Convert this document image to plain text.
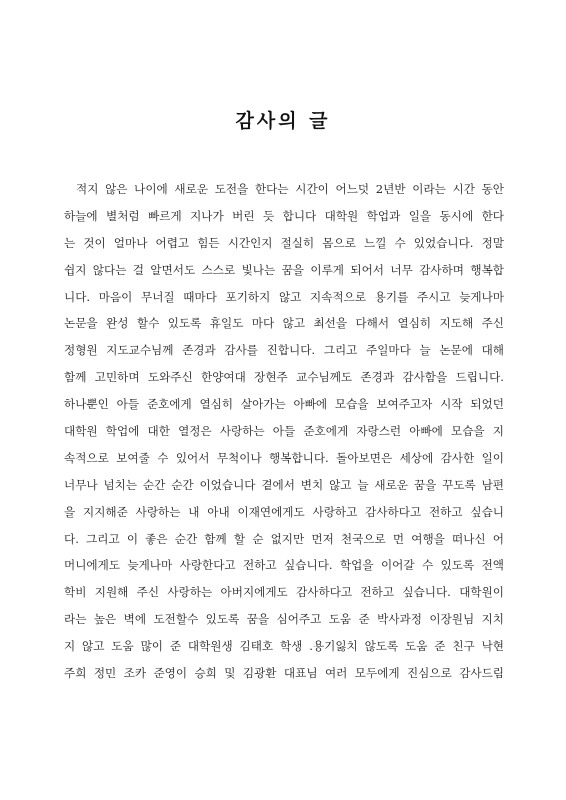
감사의 글
적지 않은 나이에 새로운 도전을 한다는 시간이 어느덧 2년반 이라는 시간 동안
하늘에 별처럼 빠르게 지나가 버린 듯 합니다 대학원 학업과 일을 동시에 한다
는 것이 얼마나 어렵고 힘든 시간인지 절실히 몸으로 느낄 수 있었습니다. 정말
쉽지 않다는 걸 알면서도 스스로 빛나는 꿈을 이루게 되어서 너무 감사하며 행복합
니다. 마음이 무너질 때마다 포기하지 않고 지속적으로 용기를 주시고 늦게나마
논문을 완성 할수 있도록 휴일도 마다 않고 최선을 다해서 열심히 지도해 주신
정형원 지도교수님께 존경과 감사를 진합니다. 그리고 주일마다 늘 논문에 대해
함께 고민하며 도와주신 한양여대 장현주 교수님께도 존경과 감사함을 드립니다.
하나뿐인 아들 준호에게 열심히 살아가는 아빠에 모습을 보여주고자 시작 되었던
대학원 학업에 대한 열정은 사랑하는 아들 준호에게 자랑스런 아빠에 모습을 지
속적으로 보여줄 수 있어서 무척이나 행복합니다. 돌아보면은 세상에 감사한 일이
너무나 넘치는 순간 순간 이었습니다 곁에서 변치 않고 늘 새로운 꿈을 꾸도록 남편
을 지지해준 사랑하는 내 아내 이재연에게도 사랑하고 감사하다고 전하고 싶습니
다. 그리고 이 좋은 순간 함께 할 순 없지만 먼저 천국으로 먼 여행을 떠나신 어
머니에게도 늦게나마 사랑한다고 전하고 싶습니다. 학업을 이어갈 수 있도록 전액
학비 지원해 주신 사랑하는 아버지에게도 감사하다고 전하고 싶습니다. 대학원이
라는 높은 벽에 도전할수 있도록 꿈을 심어주고 도움 준 박사과정 이장원님 지치
지 않고 도움 많이 준 대학원생 김태호 학생 .용기잃치 않도록 도움 준 친구 낙현
주희 정민 조카 준영이 승희 및 김광환 대표님 여러 모두에게 진심으로 감사드림
